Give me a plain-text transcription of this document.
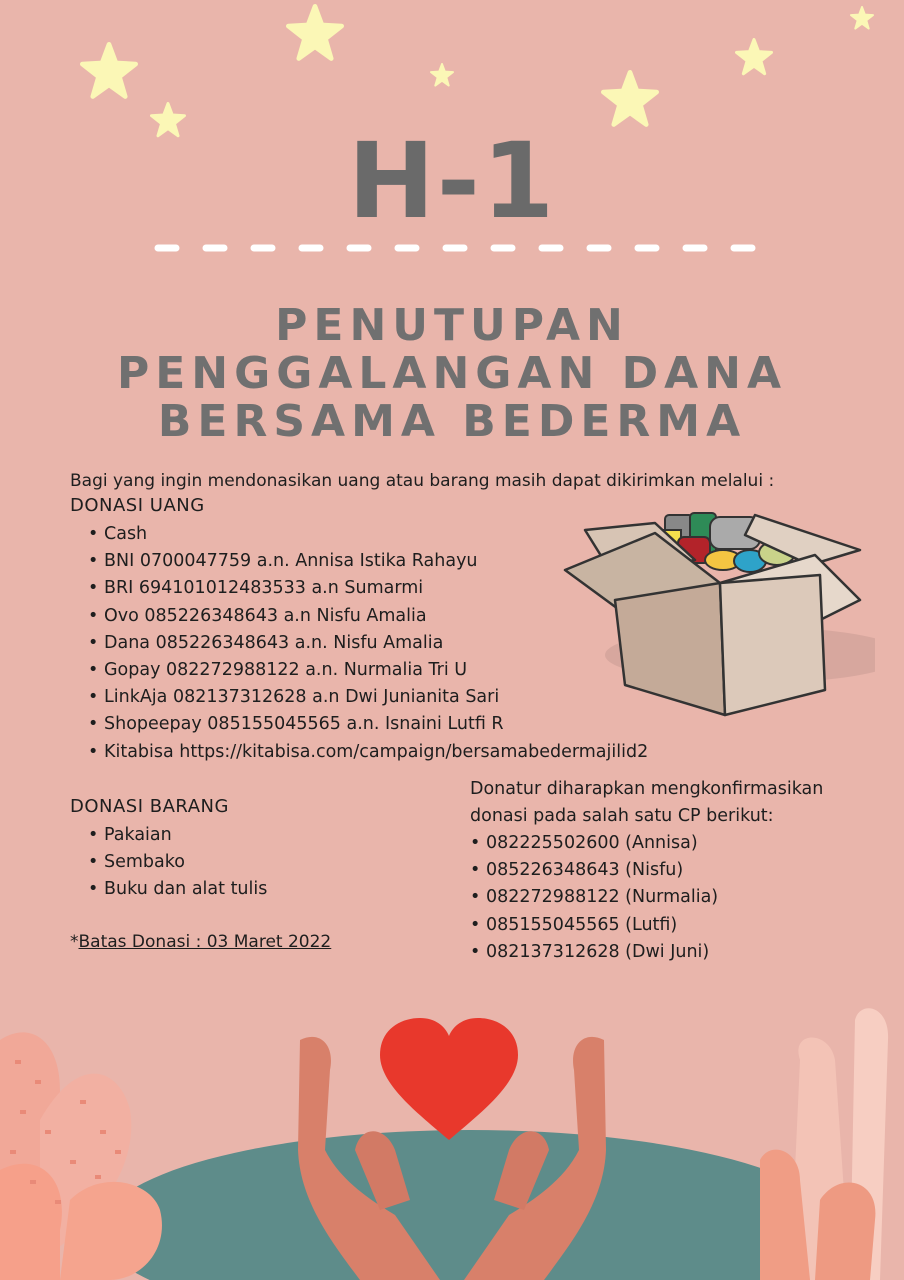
H-1
PENUTUPAN
PENGGALANGAN DANA
BERSAMA BEDERMA
Bagi yang ingin mendonasikan uang atau barang masih dapat dikirimkan melalui :
DONASI UANG
• Cash
• BNI 0700047759 a.n. Annisa Istika Rahayu
• BRI 694101012483533 a.n Sumarmi
• Ovo 085226348643 a.n Nisfu Amalia
• Dana 085226348643 a.n. Nisfu Amalia
• Gopay 082272988122 a.n. Nurmalia Tri U
• LinkAja 082137312628 a.n Dwi Junianita Sari
• Shopeepay 085155045565 a.n. Isnaini Lutfi R
• Kitabisa https://kitabisa.com/campaign/bersamabedermajilid2
DONASI BARANG
• Pakaian
• Sembako
• Buku dan alat tulis
*Batas Donasi : 03 Maret 2022
Donatur diharapkan mengkonfirmasikan
donasi pada salah satu CP berikut:
• 082225502600 (Annisa)
• 085226348643 (Nisfu)
• 082272988122 (Nurmalia)
• 085155045565 (Lutfi)
• 082137312628 (Dwi Juni)
